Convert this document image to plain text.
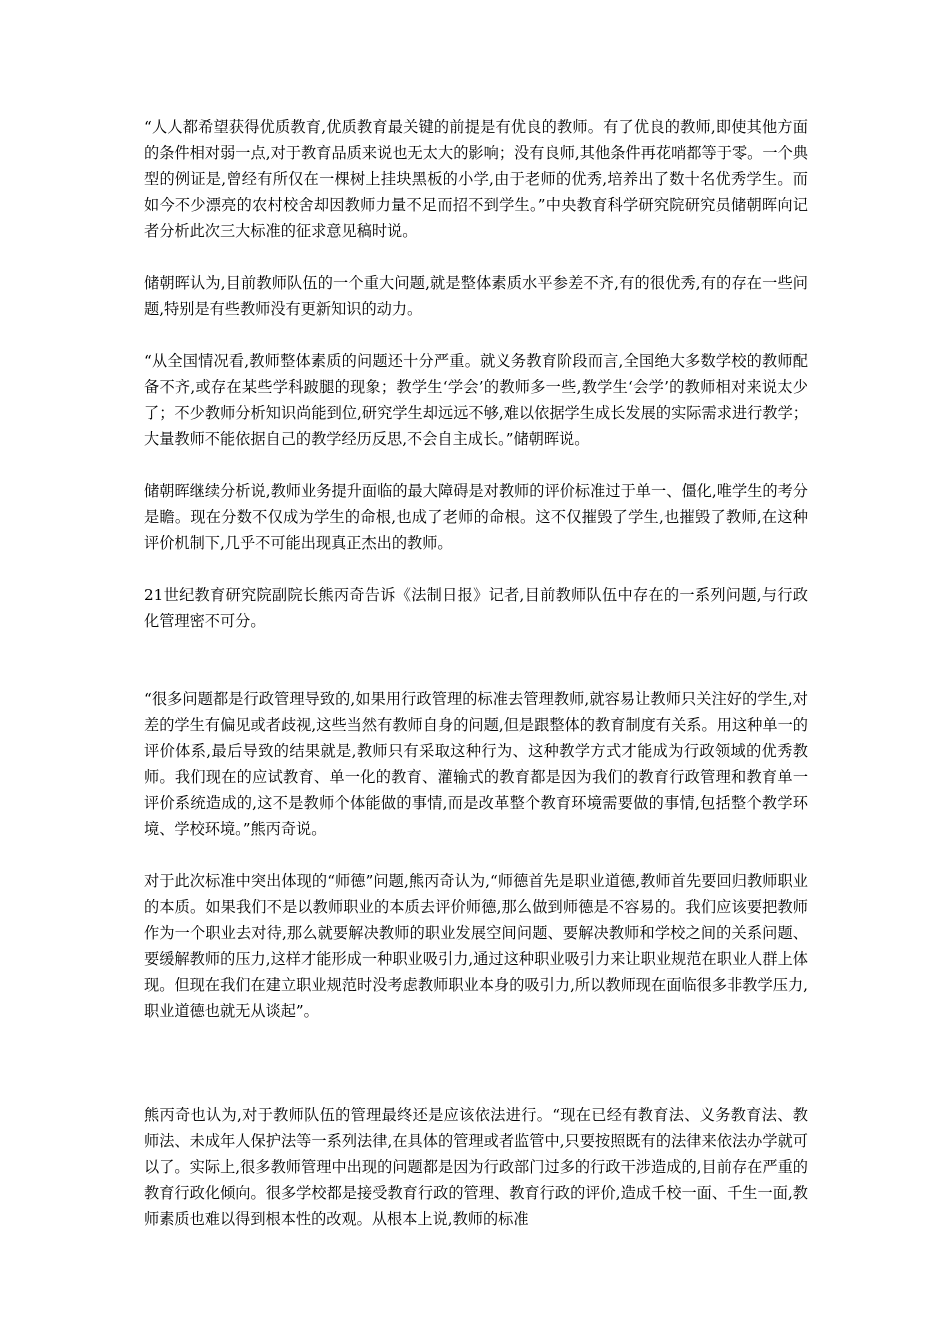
“人人都希望获得优质教育,优质教育最关键的前提是有优良的教师。有了优良的教师,即使其他方面的条件相对弱一点,对于教育品质来说也无太大的影响；没有良师,其他条件再花哨都等于零。一个典型的例证是,曾经有所仅在一棵树上挂块黑板的小学,由于老师的优秀,培养出了数十名优秀学生。而如今不少漂亮的农村校舍却因教师力量不足而招不到学生。”中央教育科学研究院研究员储朝晖向记者分析此次三大标准的征求意见稿时说。

储朝晖认为,目前教师队伍的一个重大问题,就是整体素质水平参差不齐,有的很优秀,有的存在一些问题,特别是有些教师没有更新知识的动力。

“从全国情况看,教师整体素质的问题还十分严重。就义务教育阶段而言,全国绝大多数学校的教师配备不齐,或存在某些学科跛腿的现象；教学生‘学会’的教师多一些,教学生‘会学’的教师相对来说太少了；不少教师分析知识尚能到位,研究学生却远远不够,难以依据学生成长发展的实际需求进行教学；大量教师不能依据自己的教学经历反思,不会自主成长。”储朝晖说。

储朝晖继续分析说,教师业务提升面临的最大障碍是对教师的评价标准过于单一、僵化,唯学生的考分是瞻。现在分数不仅成为学生的命根,也成了老师的命根。这不仅摧毁了学生,也摧毁了教师,在这种评价机制下,几乎不可能出现真正杰出的教师。

21世纪教育研究院副院长熊丙奇告诉《法制日报》记者,目前教师队伍中存在的一系列问题,与行政化管理密不可分。

“很多问题都是行政管理导致的,如果用行政管理的标准去管理教师,就容易让教师只关注好的学生,对差的学生有偏见或者歧视,这些当然有教师自身的问题,但是跟整体的教育制度有关系。用这种单一的评价体系,最后导致的结果就是,教师只有采取这种行为、这种教学方式才能成为行政领域的优秀教师。我们现在的应试教育、单一化的教育、灌输式的教育都是因为我们的教育行政管理和教育单一评价系统造成的,这不是教师个体能做的事情,而是改革整个教育环境需要做的事情,包括整个教学环境、学校环境。”熊丙奇说。

对于此次标准中突出体现的“师德”问题,熊丙奇认为,“师德首先是职业道德,教师首先要回归教师职业的本质。如果我们不是以教师职业的本质去评价师德,那么做到师德是不容易的。我们应该要把教师作为一个职业去对待,那么就要解决教师的职业发展空间问题、要解决教师和学校之间的关系问题、要缓解教师的压力,这样才能形成一种职业吸引力,通过这种职业吸引力来让职业规范在职业人群上体现。但现在我们在建立职业规范时没考虑教师职业本身的吸引力,所以教师现在面临很多非教学压力,职业道德也就无从谈起”。

熊丙奇也认为,对于教师队伍的管理最终还是应该依法进行。“现在已经有教育法、义务教育法、教师法、未成年人保护法等一系列法律,在具体的管理或者监管中,只要按照既有的法律来依法办学就可以了。实际上,很多教师管理中出现的问题都是因为行政部门过多的行政干涉造成的,目前存在严重的教育行政化倾向。很多学校都是接受教育行政的管理、教育行政的评价,造成千校一面、千生一面,教师素质也难以得到根本性的改观。从根本上说,教师的标准
